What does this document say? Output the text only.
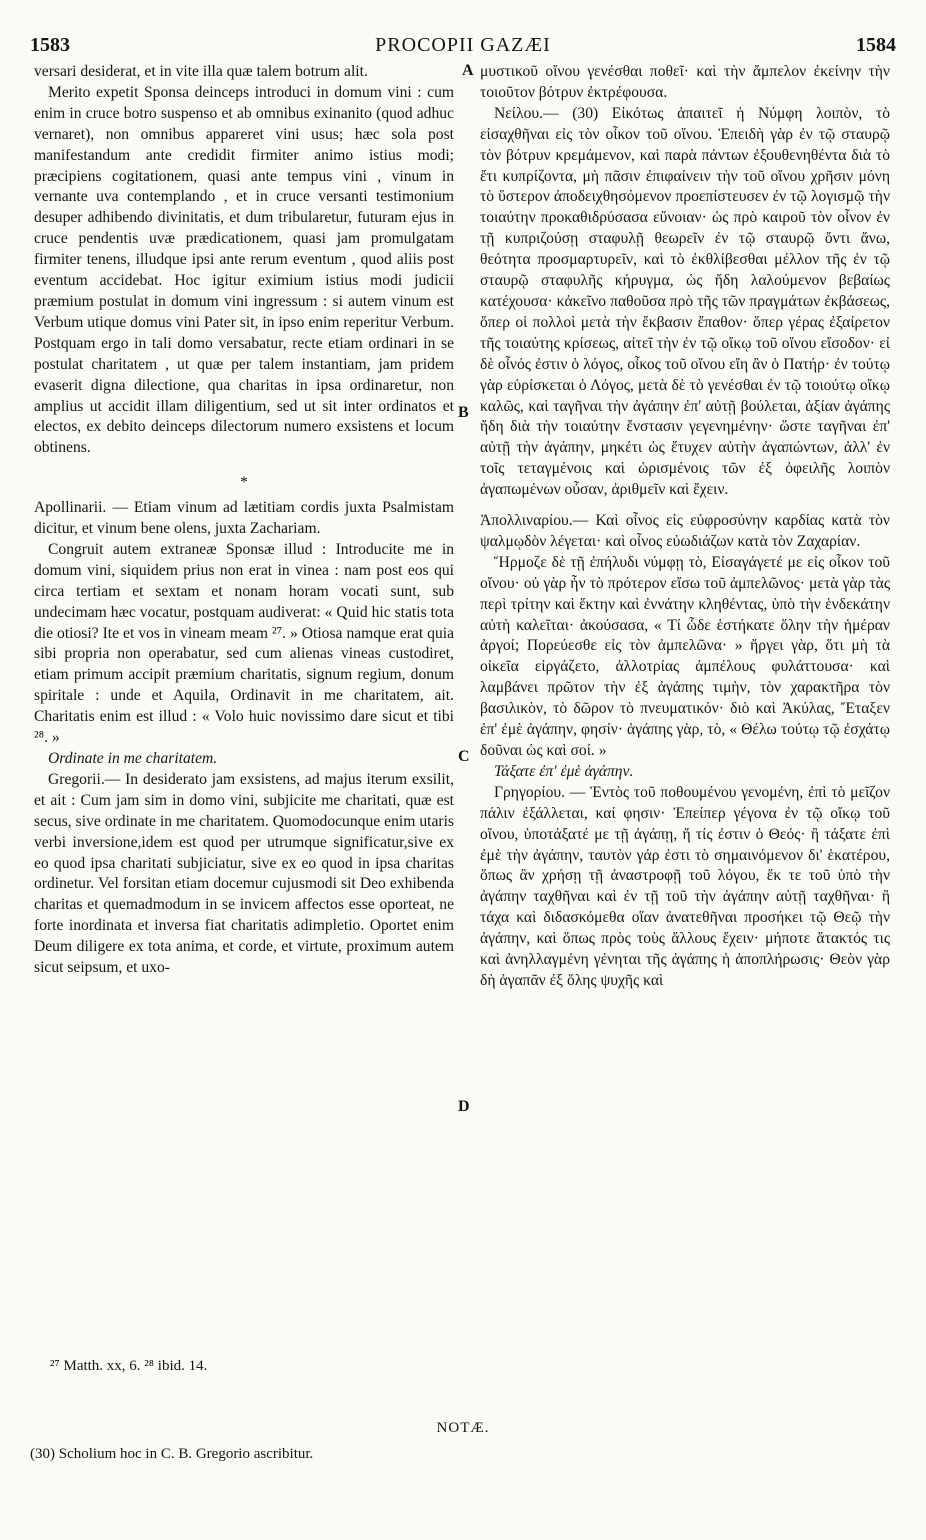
1583	PROCOPII GAZÆI	1584

versari desiderat, et in vite illa quæ talem botrum alit.

Merito expetit Sponsa deinceps introduci in domum vini : cum enim in cruce botro suspenso et ab omnibus exinanito (quod adhuc vernaret), non omnibus appareret vini usus; hæc sola post manifestandum ante credidit firmiter animo istius modi; præcipiens cogitationem, quasi ante tempus vini , vinum in vernante uva contemplando , et in cruce versanti testimonium desuper adhibendo divinitatis, et dum tribularetur, futuram ejus in cruce pendentis uvæ prædicationem, quasi jam promulgatam firmiter tenens, illudque ipsi ante rerum eventum , quod aliis post eventum accidebat. Hoc igitur eximium istius modi judicii præmium postulat in domum vini ingressum : si autem vinum est Verbum utique domus vini Pater sit, in ipso enim reperitur Verbum. Postquam ergo in tali domo versabatur, recte etiam ordinari in se postulat charitatem , ut quæ per talem instantiam, jam pridem evaserit digna dilectione, qua charitas in ipsa ordinaretur, non amplius ut accidit illam diligentium, sed ut sit inter ordinatos et electos, ex debito deinceps dilectorum numero exsistens et locum obtinens.

*

Apollinarii. — Etiam vinum ad lætitiam cordis juxta Psalmistam dicitur, et vinum bene olens, juxta Zachariam.

Congruit autem extraneæ Sponsæ illud : Introducite me in domum vini, siquidem prius non erat in vinea : nam post eos qui circa tertiam et sextam et nonam horam vocati sunt, sub undecimam hæc vocatur, postquam audiverat: « Quid hic statis tota die otiosi? Ite et vos in vineam meam ²⁷. » Otiosa namque erat quia sibi propria non operabatur, sed cum alienas vineas custodiret, etiam primum accipit præmium charitatis, signum regium, donum spiritale : unde et Aquila, Ordinavit in me charitatem, ait. Charitatis enim est illud : « Volo huic novissimo dare sicut et tibi ²⁸. »

Ordinate in me charitatem.

Gregorii.— In desiderato jam exsistens, ad majus iterum exsilit, et ait : Cum jam sim in domo vini, subjicite me charitati, quæ est secus, sive ordinate in me charitatem. Quomodocunque enim utaris verbi inversione,idem est quod per utrumque significatur,sive ex eo quod ipsa charitati subjiciatur, sive ex eo quod in ipsa charitas ordinetur. Vel forsitan etiam docemur cujusmodi sit Deo exhibenda charitas et quemadmodum in se invicem affectos esse oporteat, ne forte inordinata et inversa fiat charitatis adimpletio. Oportet enim Deum diligere ex tota anima, et corde, et virtute, proximum autem sicut seipsum, et uxo-

A
B
C
D

μυστικοῦ οἴνου γενέσθαι ποθεῖ· καὶ τὴν ἄμπελον ἐκείνην τὴν τοιοῦτον βότρυν ἐκτρέφουσα.

Νείλου.— (30) Εἰκότως ἀπαιτεῖ ἡ Νύμφη λοιπὸν, τὸ εἰσαχθῆναι εἰς τὸν οἶκον τοῦ οἴνου. Ἐπειδὴ γὰρ ἐν τῷ σταυρῷ τὸν βότρυν κρεμάμενον, καὶ παρὰ πάντων ἐξουθενηθέντα διὰ τὸ ἔτι κυπρίζοντα, μὴ πᾶσιν ἐπιφαίνειν τὴν τοῦ οἴνου χρῆσιν μόνη τὸ ὕστερον ἀποδειχθησόμενον προεπίστευσεν ἐν τῷ λογισμῷ τὴν τοιαύτην προκαθιδρύσασα εὔνοιαν· ὡς πρὸ καιροῦ τὸν οἶνον ἐν τῇ κυπριζούσῃ σταφυλῇ θεωρεῖν ἐν τῷ σταυρῷ ὄντι ἄνω, θεότητα προσμαρτυρεῖν, καὶ τὸ ἐκθλίβεσθαι μέλλον τῆς ἐν τῷ σταυρῷ σταφυλῆς κήρυγμα, ὡς ἤδη λαλούμενον βεβαίως κατέχουσα· κἀκεῖνο παθοῦσα πρὸ τῆς τῶν πραγμάτων ἐκβάσεως, ὅπερ οἱ πολλοὶ μετὰ τὴν ἔκβασιν ἔπαθον· ὅπερ γέρας ἐξαίρετον τῆς τοιαύτης κρίσεως, αἰτεῖ τὴν ἐν τῷ οἴκῳ τοῦ οἴνου εἴσοδον· εἰ δὲ οἶνός ἐστιν ὁ λόγος, οἶκος τοῦ οἴνου εἴη ἂν ὁ Πατήρ· ἐν τούτῳ γὰρ εὑρίσκεται ὁ Λόγος, μετὰ δὲ τὸ γενέσθαι ἐν τῷ τοιούτῳ οἴκῳ καλῶς, καὶ ταγῆναι τὴν ἀγάπην ἐπ' αὐτῇ βούλεται, ἀξίαν ἀγάπης ἤδη διὰ τὴν τοιαύτην ἔνστασιν γεγενημένην· ὥστε ταγῆναι ἐπ' αὐτῇ τὴν ἀγάπην, μηκέτι ὡς ἔτυχεν αὐτὴν ἀγαπώντων, ἀλλ' ἐν τοῖς τεταγμένοις καὶ ὡρισμένοις τῶν ἐξ ὀφειλῆς λοιπὸν ἀγαπωμένων οὖσαν, ἀριθμεῖν καὶ ἔχειν.

Ἀπολλιναρίου.— Καὶ οἶνος εἰς εὐφροσύνην καρδίας κατὰ τὸν ψαλμῳδὸν λέγεται· καὶ οἶνος εὐωδιάζων κατὰ τὸν Ζαχαρίαν.

Ἥρμοζε δὲ τῇ ἐπήλυδι νύμφῃ τὸ, Εἰσαγάγετέ με εἰς οἶκον τοῦ οἴνου· οὐ γὰρ ἦν τὸ πρότερον εἴσω τοῦ ἀμπελῶνος· μετὰ γὰρ τὰς περὶ τρίτην καὶ ἕκτην καὶ ἐννάτην κληθέντας, ὑπὸ τὴν ἑνδεκάτην αὐτὴ καλεῖται· ἀκούσασα, « Τί ὧδε ἑστήκατε ὅλην τὴν ἡμέραν ἀργοί; Πορεύεσθε εἰς τὸν ἀμπελῶνα· » ἤργει γὰρ, ὅτι μὴ τὰ οἰκεῖα εἰργάζετο, ἀλλοτρίας ἀμπέλους φυλάττουσα· καὶ λαμβάνει πρῶτον τὴν ἐξ ἀγάπης τιμὴν, τὸν χαρακτῆρα τὸν βασιλικὸν, τὸ δῶρον τὸ πνευματικόν· διὸ καὶ Ἀκύλας, Ἔταξεν ἐπ' ἐμὲ ἀγάπην, φησίν· ἀγάπης γὰρ, τὸ, « Θέλω τούτῳ τῷ ἐσχάτῳ δοῦναι ὡς καὶ σοί. »

Τάξατε ἐπ' ἐμὲ ἀγάπην.

Γρηγορίου. — Ἐντὸς τοῦ ποθουμένου γενομένη, ἐπὶ τὸ μεῖζον πάλιν ἐξάλλεται, καί φησιν· Ἐπείπερ γέγονα ἐν τῷ οἴκῳ τοῦ οἴνου, ὑποτάξατέ με τῇ ἀγάπῃ, ἥ τίς ἐστιν ὁ Θεός· ἢ τάξατε ἐπὶ ἐμὲ τὴν ἀγάπην, ταυτὸν γάρ ἐστι τὸ σημαινόμενον δι' ἑκατέρου, ὅπως ἂν χρήσῃ τῇ ἀναστροφῇ τοῦ λόγου, ἔκ τε τοῦ ὑπὸ τὴν ἀγάπην ταχθῆναι καὶ ἐν τῇ τοῦ τὴν ἀγάπην αὐτῇ ταχθῆναι· ἢ τάχα καὶ διδασκόμεθα οἵαν ἀνατεθῆναι προσήκει τῷ Θεῷ τὴν ἀγάπην, καὶ ὅπως πρὸς τοὺς ἄλλους ἔχειν· μήποτε ἄτακτός τις καὶ ἀνηλλαγμένη γένηται τῆς ἀγάπης ἡ ἀποπλήρωσις· Θεὸν γὰρ δὴ ἀγαπᾶν ἐξ ὅλης ψυχῆς καὶ

²⁷ Matth. xx, 6. ²⁸ ibid. 14.
NOTÆ.
(30) Scholium hoc in C. B. Gregorio ascribitur.
